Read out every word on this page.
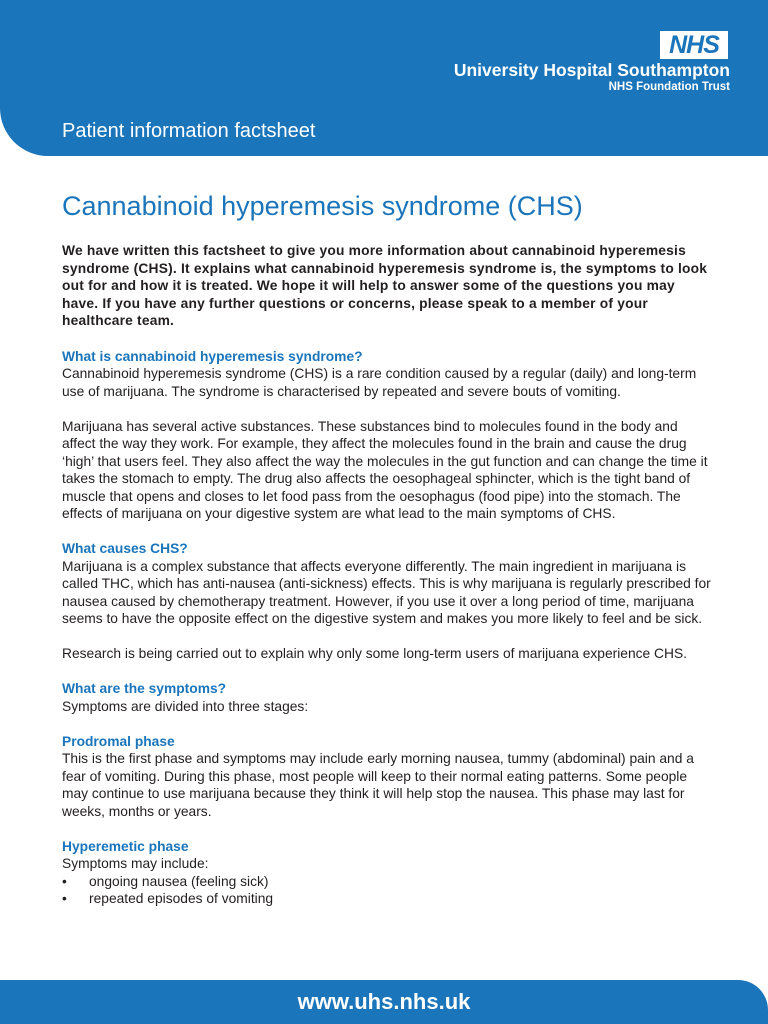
NHS
University Hospital Southampton
NHS Foundation Trust
Patient information factsheet
Cannabinoid hyperemesis syndrome (CHS)

We have written this factsheet to give you more information about cannabinoid hyperemesis syndrome (CHS). It explains what cannabinoid hyperemesis syndrome is, the symptoms to look out for and how it is treated. We hope it will help to answer some of the questions you may have. If you have any further questions or concerns, please speak to a member of your healthcare team.

What is cannabinoid hyperemesis syndrome?

Cannabinoid hyperemesis syndrome (CHS) is a rare condition caused by a regular (daily) and long-term use of marijuana. The syndrome is characterised by repeated and severe bouts of vomiting.

Marijuana has several active substances. These substances bind to molecules found in the body and affect the way they work. For example, they affect the molecules found in the brain and cause the drug ‘high’ that users feel. They also affect the way the molecules in the gut function and can change the time it takes the stomach to empty. The drug also affects the oesophageal sphincter, which is the tight band of muscle that opens and closes to let food pass from the oesophagus (food pipe) into the stomach. The effects of marijuana on your digestive system are what lead to the main symptoms of CHS.

What causes CHS?

Marijuana is a complex substance that affects everyone differently. The main ingredient in marijuana is called THC, which has anti-nausea (anti-sickness) effects. This is why marijuana is regularly prescribed for nausea caused by chemotherapy treatment. However, if you use it over a long period of time, marijuana seems to have the opposite effect on the digestive system and makes you more likely to feel and be sick.

Research is being carried out to explain why only some long-term users of marijuana experience CHS.

What are the symptoms?

Symptoms are divided into three stages:

Prodromal phase

This is the first phase and symptoms may include early morning nausea, tummy (abdominal) pain and a fear of vomiting. During this phase, most people will keep to their normal eating patterns. Some people may continue to use marijuana because they think it will help stop the nausea. This phase may last for weeks, months or years.

Hyperemetic phase

Symptoms may include:

• ongoing nausea (feeling sick)
• repeated episodes of vomiting
www.uhs.nhs.uk
